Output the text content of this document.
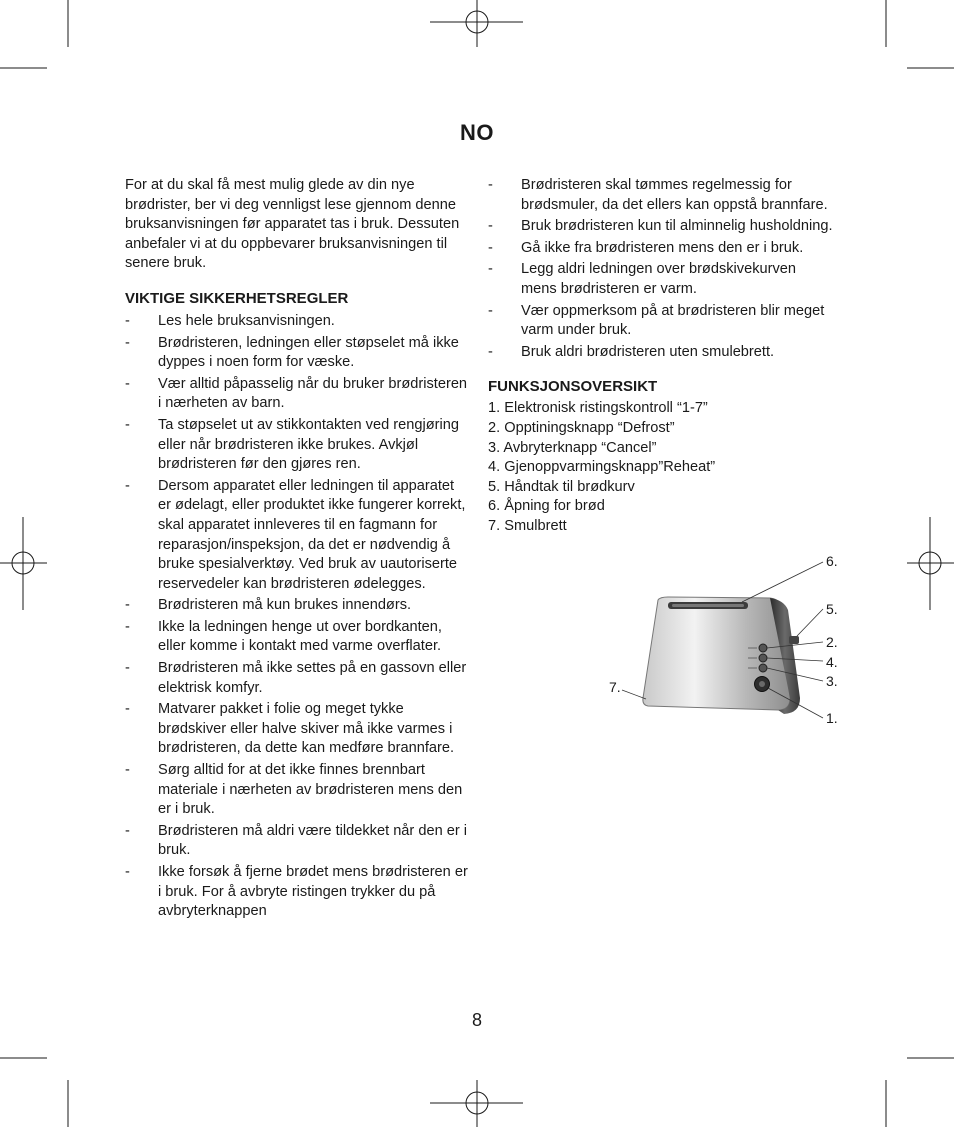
NO

For at du skal få mest mulig glede av din nye brødrister, ber vi deg vennligst lese gjennom denne bruksanvisningen før apparatet tas i bruk. Dessuten anbefaler vi at du oppbevarer bruksanvisningen til senere bruk.

VIKTIGE SIKKERHETSREGLER
- Les hele bruksanvisningen.
- Brødristeren, ledningen eller støpselet må ikke dyppes i noen form for væske.
- Vær alltid påpasselig når du bruker brødristeren i nærheten av barn.
- Ta støpselet ut av stikkontakten ved rengjøring eller når brødristeren ikke brukes. Avkjøl brødristeren før den gjøres ren.
- Dersom apparatet eller ledningen til apparatet er ødelagt, eller produktet ikke fungerer korrekt, skal apparatet innleveres til en fagmann for reparasjon/inspeksjon, da det er nødvendig å bruke spesialverktøy. Ved bruk av uautoriserte reservedeler kan brødristeren ødelegges.
- Brødristeren må kun brukes innendørs.
- Ikke la ledningen henge ut over bordkanten, eller komme i kontakt med varme overflater.
- Brødristeren må ikke settes på en gassovn eller elektrisk komfyr.
- Matvarer pakket i folie og meget tykke brødskiver eller halve skiver må ikke varmes i brødristeren, da dette kan medføre brannfare.
- Sørg alltid for at det ikke finnes brennbart materiale i nærheten av brødristeren mens den er i bruk.
- Brødristeren må aldri være tildekket når den er i bruk.
- Ikke forsøk å fjerne brødet mens brødristeren er i bruk. For å avbryte ristingen trykker du på avbryterknappen
- Brødristeren skal tømmes regelmessig for brødsmuler, da det ellers kan oppstå brannfare.
- Bruk brødristeren kun til alminnelig husholdning.
- Gå ikke fra brødristeren mens den er i bruk.
- Legg aldri ledningen over brødskivekurven mens brødristeren er varm.
- Vær oppmerksom på at brødristeren blir meget varm under bruk.
- Bruk aldri brødristeren uten smulebrett.
FUNKSJONSOVERSIKT
1. Elektronisk ristingskontroll “1-7”
2. Opptiningsknapp “Defrost”
3. Avbryterknapp “Cancel”
4. Gjenoppvarmingsknapp”Reheat”
5. Håndtak til brødkurv
6. Åpning for brød
7. Smulbrett
6.
5.
2.
4.
3.
1.
7.
8
